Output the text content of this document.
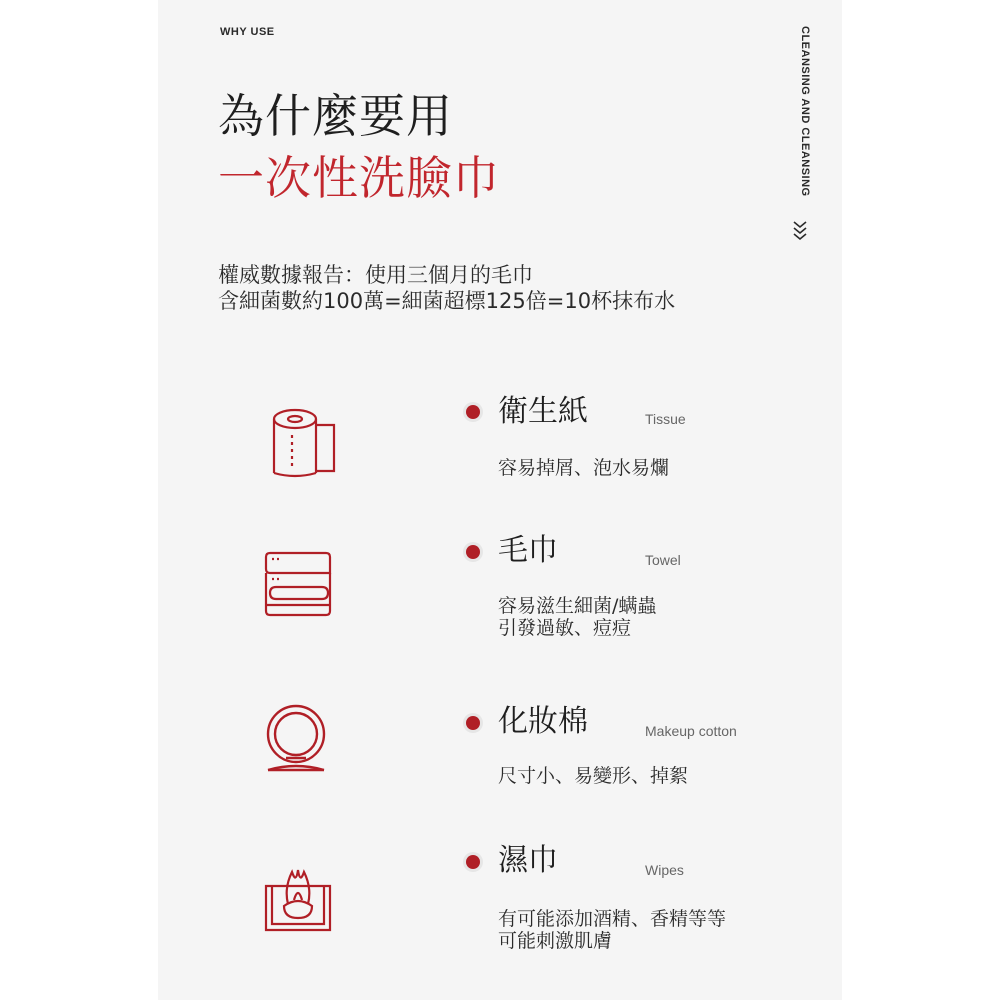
WHY USE
為什麼要用
一次性洗臉巾	CLEANSING AND CLEANSING
權威數據報告：使用三個月的毛巾
含細菌數約100萬=細菌超標125倍=10杯抹布水
衛生紙	Tissue
容易掉屑、泡水易爛
毛巾	Towel
容易滋生細菌/螨蟲
引發過敏、痘痘
化妝棉	Makeup cotton
尺寸小、易變形、掉絮
濕巾	Wipes
有可能添加酒精、香精等等
可能刺激肌膚
